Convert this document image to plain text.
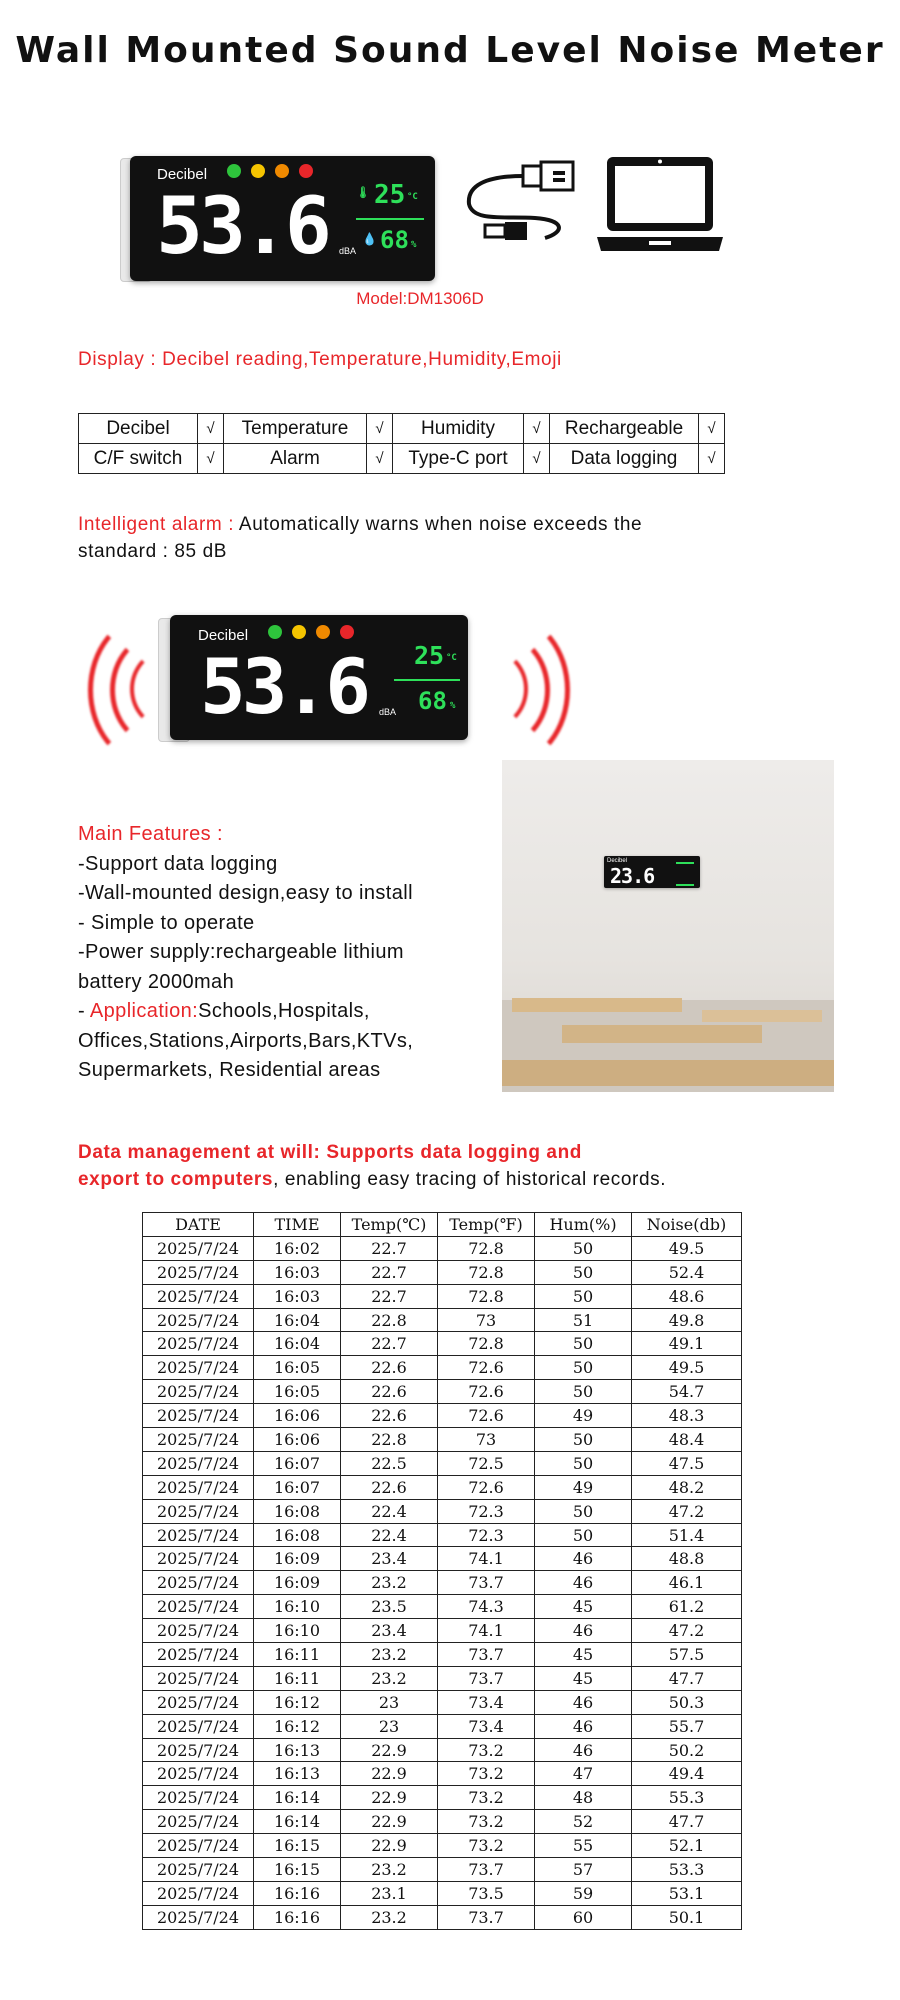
Wall Mounted Sound Level Noise Meter
Decibel
53.6 dBA
🌡 25 °C
💧 68 %
Model:DM1306D
Display : Decibel reading,Temperature,Humidity,Emoji
Decibel	√	Temperature	√	Humidity	√	Rechargeable	√
C/F switch	√	Alarm	√	Type-C port	√	Data logging	√
Intelligent alarm : Automatically warns when noise exceeds the
standard : 85 dB
Decibel
53.6 dBA
25 °C
68 %
Decibel
23.6
Main Features :
-Support data logging
-Wall-mounted design,easy to install
- Simple to operate
-Power supply:rechargeable lithium
battery 2000mah
- Application:Schools,Hospitals,
Offices,Stations,Airports,Bars,KTVs,
Supermarkets, Residential areas
Data management at will: Supports data logging and
export to computers, enabling easy tracing of historical records.
DATE	TIME	Temp(℃)	Temp(℉)	Hum(%)	Noise(db)
2025/7/24	16:02	22.7	72.8	50	49.5
2025/7/24	16:03	22.7	72.8	50	52.4
2025/7/24	16:03	22.7	72.8	50	48.6
2025/7/24	16:04	22.8	73	51	49.8
2025/7/24	16:04	22.7	72.8	50	49.1
2025/7/24	16:05	22.6	72.6	50	49.5
2025/7/24	16:05	22.6	72.6	50	54.7
2025/7/24	16:06	22.6	72.6	49	48.3
2025/7/24	16:06	22.8	73	50	48.4
2025/7/24	16:07	22.5	72.5	50	47.5
2025/7/24	16:07	22.6	72.6	49	48.2
2025/7/24	16:08	22.4	72.3	50	47.2
2025/7/24	16:08	22.4	72.3	50	51.4
2025/7/24	16:09	23.4	74.1	46	48.8
2025/7/24	16:09	23.2	73.7	46	46.1
2025/7/24	16:10	23.5	74.3	45	61.2
2025/7/24	16:10	23.4	74.1	46	47.2
2025/7/24	16:11	23.2	73.7	45	57.5
2025/7/24	16:11	23.2	73.7	45	47.7
2025/7/24	16:12	23	73.4	46	50.3
2025/7/24	16:12	23	73.4	46	55.7
2025/7/24	16:13	22.9	73.2	46	50.2
2025/7/24	16:13	22.9	73.2	47	49.4
2025/7/24	16:14	22.9	73.2	48	55.3
2025/7/24	16:14	22.9	73.2	52	47.7
2025/7/24	16:15	22.9	73.2	55	52.1
2025/7/24	16:15	23.2	73.7	57	53.3
2025/7/24	16:16	23.1	73.5	59	53.1
2025/7/24	16:16	23.2	73.7	60	50.1
